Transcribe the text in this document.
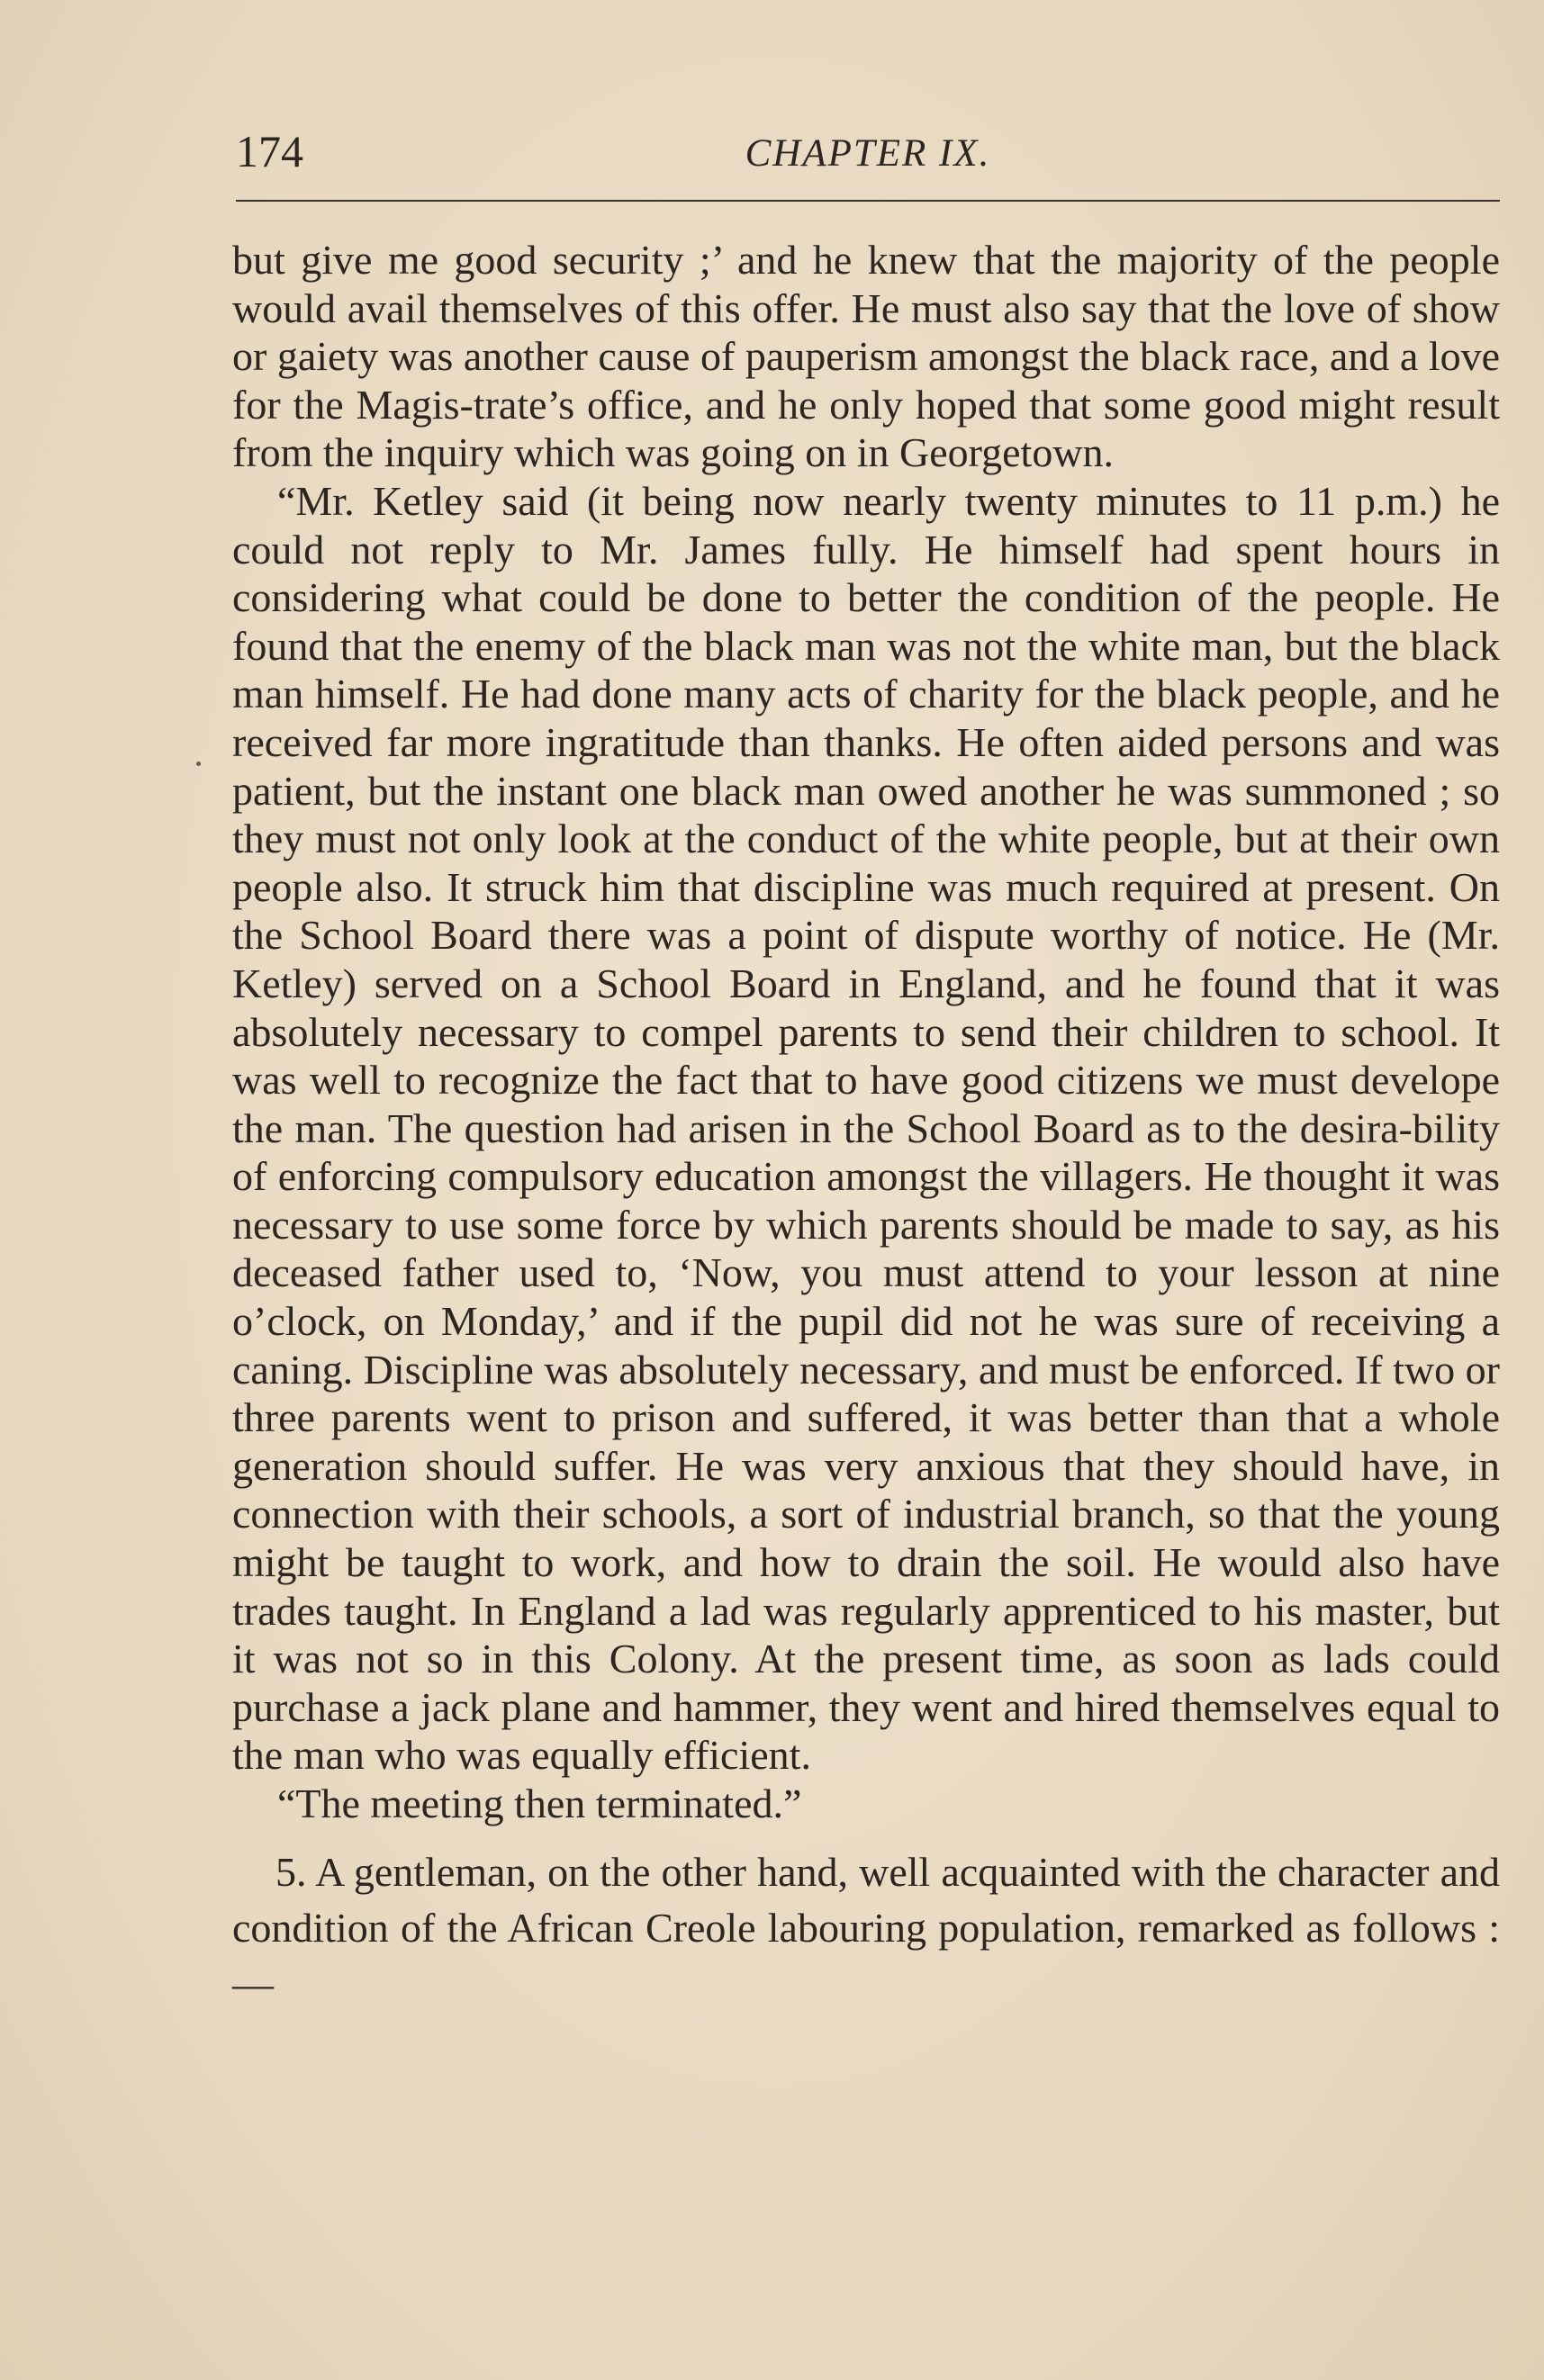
174	CHAPTER IX.

but give me good security ;’ and he knew that the majority of the people would avail themselves of this offer. He must also say that the love of show or gaiety was another cause of pauperism amongst the black race, and a love for the Magis-trate’s office, and he only hoped that some good might result from the inquiry which was going on in Georgetown.

“Mr. Ketley said (it being now nearly twenty minutes to 11 p.m.) he could not reply to Mr. James fully. He himself had spent hours in considering what could be done to better the condition of the people. He found that the enemy of the black man was not the white man, but the black man himself. He had done many acts of charity for the black people, and he received far more ingratitude than thanks. He often aided persons and was patient, but the instant one black man owed another he was summoned ; so they must not only look at the conduct of the white people, but at their own people also. It struck him that discipline was much required at present. On the School Board there was a point of dispute worthy of notice. He (Mr. Ketley) served on a School Board in England, and he found that it was absolutely necessary to compel parents to send their children to school. It was well to recognize the fact that to have good citizens we must develope the man. The question had arisen in the School Board as to the desira-bility of enforcing compulsory education amongst the villagers. He thought it was necessary to use some force by which parents should be made to say, as his deceased father used to, ‘Now, you must attend to your lesson at nine o’clock, on Monday,’ and if the pupil did not he was sure of receiving a caning. Discipline was absolutely necessary, and must be enforced. If two or three parents went to prison and suffered, it was better than that a whole generation should suffer. He was very anxious that they should have, in connection with their schools, a sort of industrial branch, so that the young might be taught to work, and how to drain the soil. He would also have trades taught. In England a lad was regularly apprenticed to his master, but it was not so in this Colony. At the present time, as soon as lads could purchase a jack plane and hammer, they went and hired themselves equal to the man who was equally efficient.

“The meeting then terminated.”

5. A gentleman, on the other hand, well acquainted with the character and condition of the African Creole labouring population, remarked as follows :—
